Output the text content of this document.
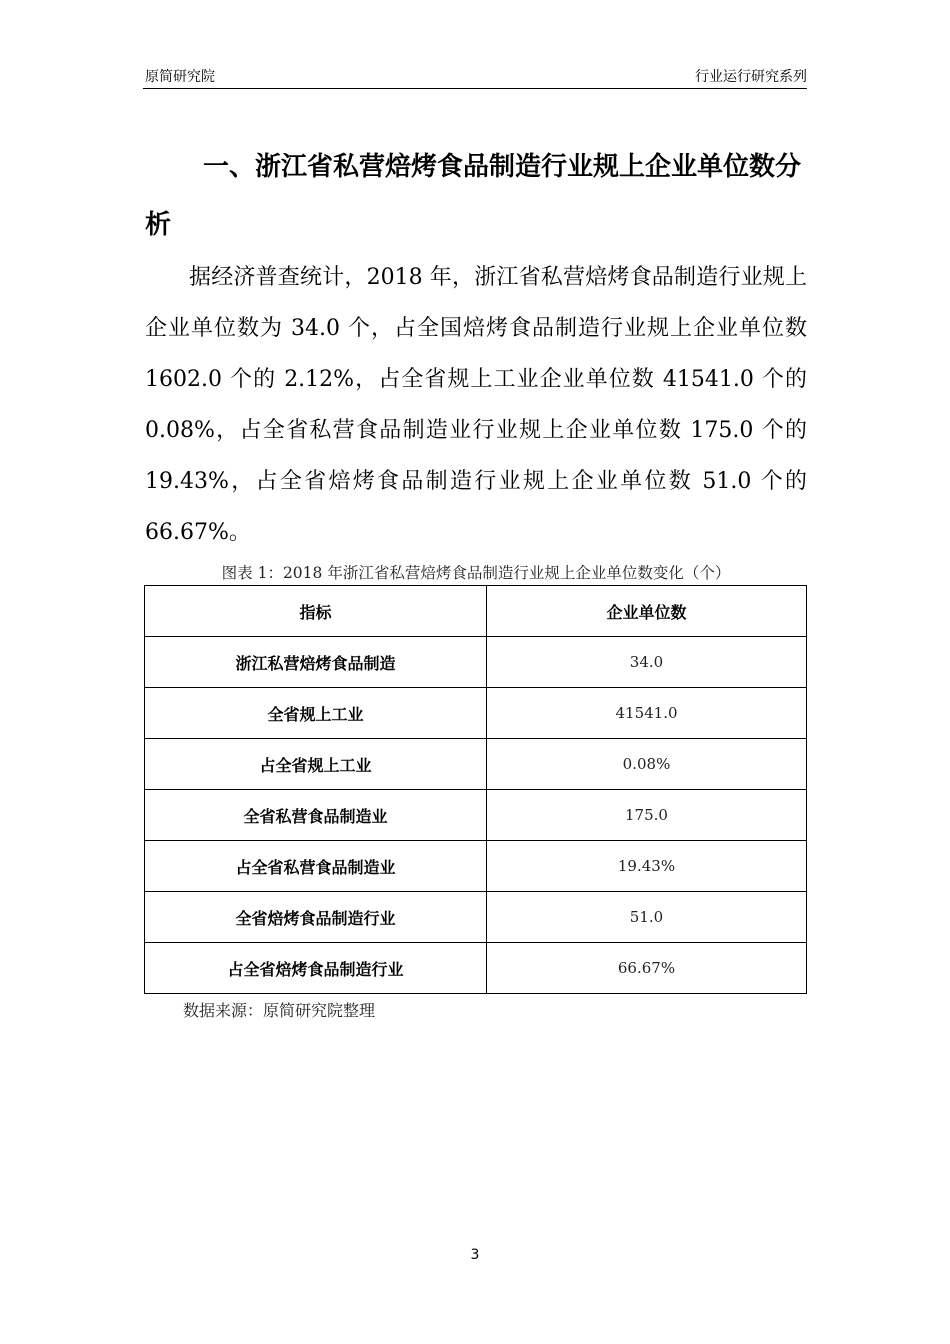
原简研究院	行业运行研究系列
一、浙江省私营焙烤食品制造行业规上企业单位数分析

据经济普查统计，2018 年，浙江省私营焙烤食品制造行业规上企业单位数为 34.0 个，占全国焙烤食品制造行业规上企业单位数 1602.0 个的 2.12%，占全省规上工业企业单位数 41541.0 个的 0.08%，占全省私营食品制造业行业规上企业单位数 175.0 个的 19.43%，占全省焙烤食品制造行业规上企业单位数 51.0 个的 66.67%。

图表 1：2018 年浙江省私营焙烤食品制造行业规上企业单位数变化（个）
指标	企业单位数
浙江私营焙烤食品制造	34.0
全省规上工业	41541.0
占全省规上工业	0.08%
全省私营食品制造业	175.0
占全省私营食品制造业	19.43%
全省焙烤食品制造行业	51.0
占全省焙烤食品制造行业	66.67%
数据来源：原简研究院整理
3
